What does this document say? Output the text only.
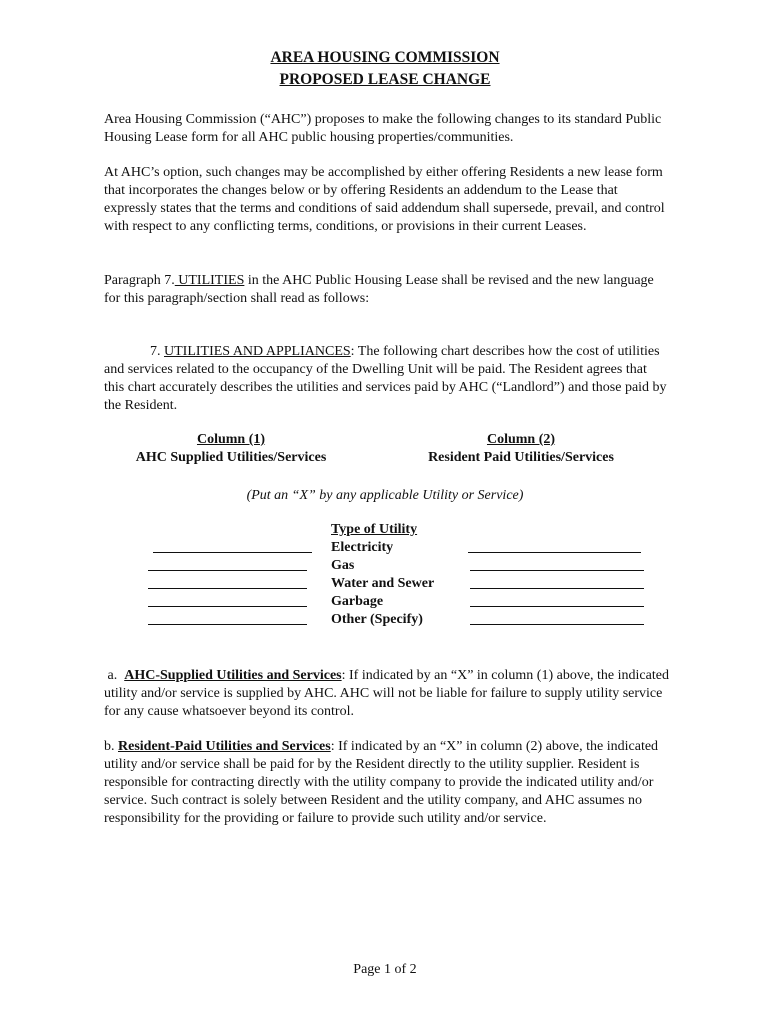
AREA HOUSING COMMISSION
PROPOSED LEASE CHANGE

Area Housing Commission (“AHC”) proposes to make the following changes to its standard Public Housing Lease form for all AHC public housing properties/communities.

At AHC’s option, such changes may be accomplished by either offering Residents a new lease form that incorporates the changes below or by offering Residents an addendum to the Lease that expressly states that the terms and conditions of said addendum shall supersede, prevail, and control with respect to any conflicting terms, conditions, or provisions in their current Leases.

Paragraph 7. UTILITIES in the AHC Public Housing Lease shall be revised and the new language for this paragraph/section shall read as follows:

7. UTILITIES AND APPLIANCES: The following chart describes how the cost of utilities and services related to the occupancy of the Dwelling Unit will be paid. The Resident agrees that this chart accurately describes the utilities and services paid by AHC (“Landlord”) and those paid by the Resident.

Column (1)
AHC Supplied Utilities/Services
Column (2)
Resident Paid Utilities/Services
(Put an “X” by any applicable Utility or Service)
Type of Utility
Electricity
Gas
Water and Sewer
Garbage
Other (Specify)

a.  AHC-Supplied Utilities and Services: If indicated by an “X” in column (1) above, the indicated utility and/or service is supplied by AHC. AHC will not be liable for failure to supply utility service for any cause whatsoever beyond its control.

b. Resident-Paid Utilities and Services: If indicated by an “X” in column (2) above, the indicated utility and/or service shall be paid for by the Resident directly to the utility supplier. Resident is responsible for contracting directly with the utility company to provide the indicated utility and/or service. Such contract is solely between Resident and the utility company, and AHC assumes no responsibility for the providing or failure to provide such utility and/or service.

Page 1 of 2
